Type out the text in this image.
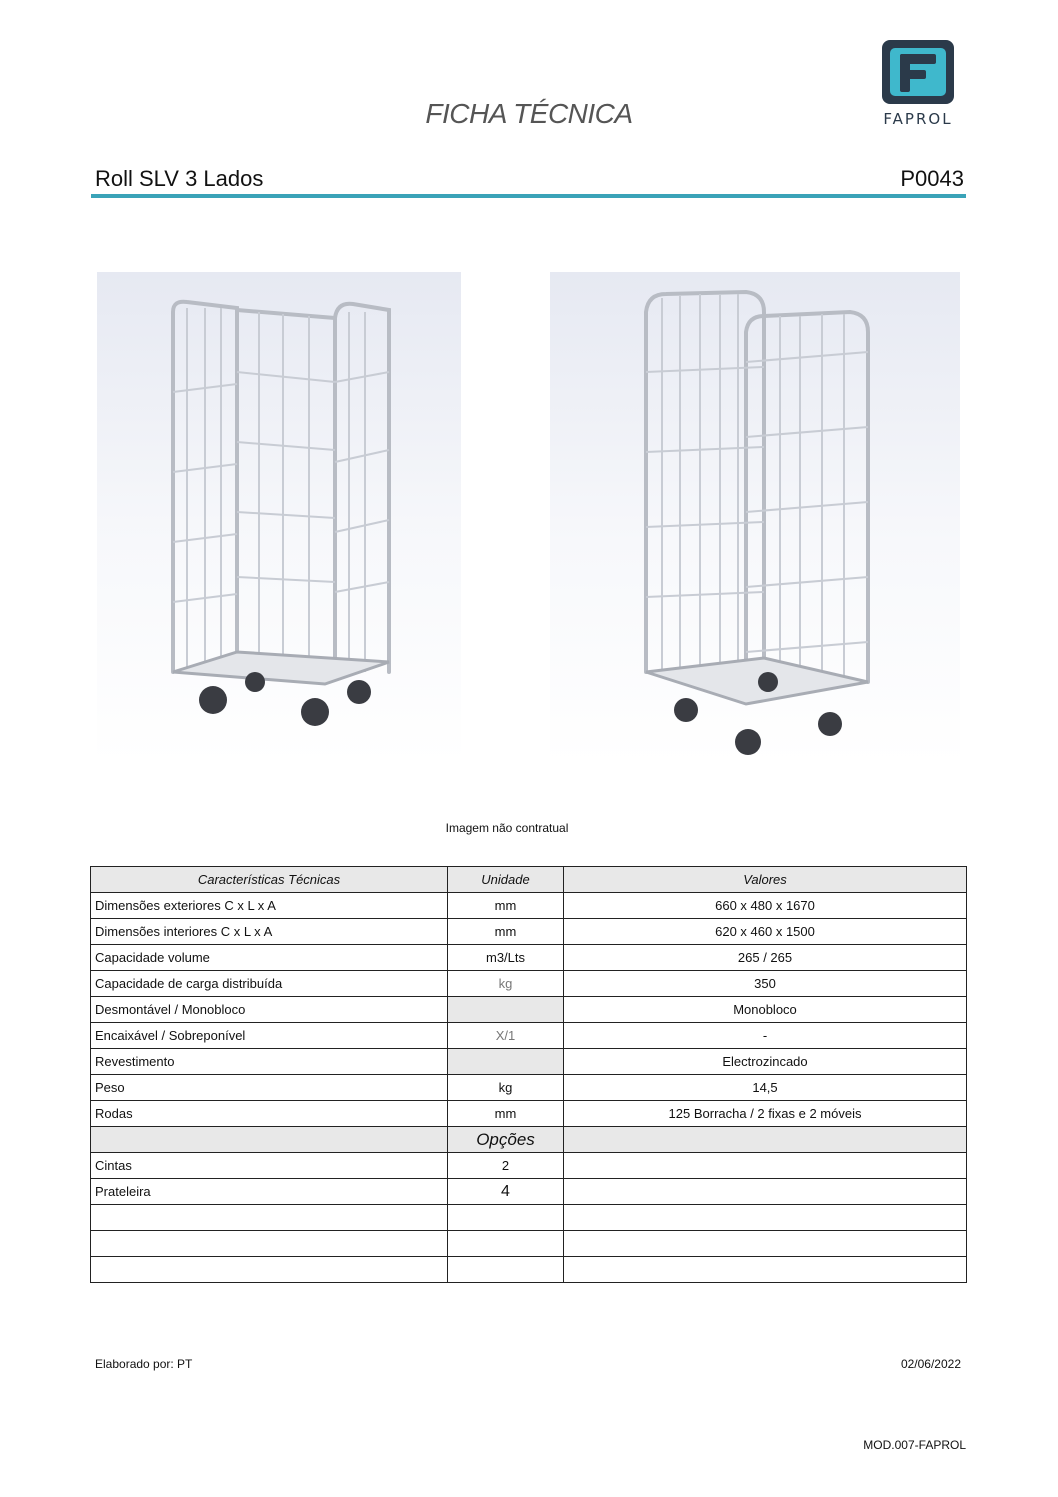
FAPROL
FICHA TÉCNICA
Roll SLV 3 Lados	P0043
Imagem não contratual
Características Técnicas	Unidade	Valores
Dimensões exteriores C x L x A	mm	660 x 480 x 1670
Dimensões interiores C x L x A	mm	620 x 460 x 1500
Capacidade volume	m3/Lts	265 / 265
Capacidade de carga distribuída	kg	350
Desmontável / Monobloco		Monobloco
Encaixável / Sobreponível	X/1	-
Revestimento		Electrozincado
Peso	kg	14,5
Rodas	mm	125 Borracha / 2 fixas e 2 móveis
	Opções	
Cintas	2	
Prateleira	4	

Elaborado por: PT	02/06/2022
MOD.007-FAPROL
